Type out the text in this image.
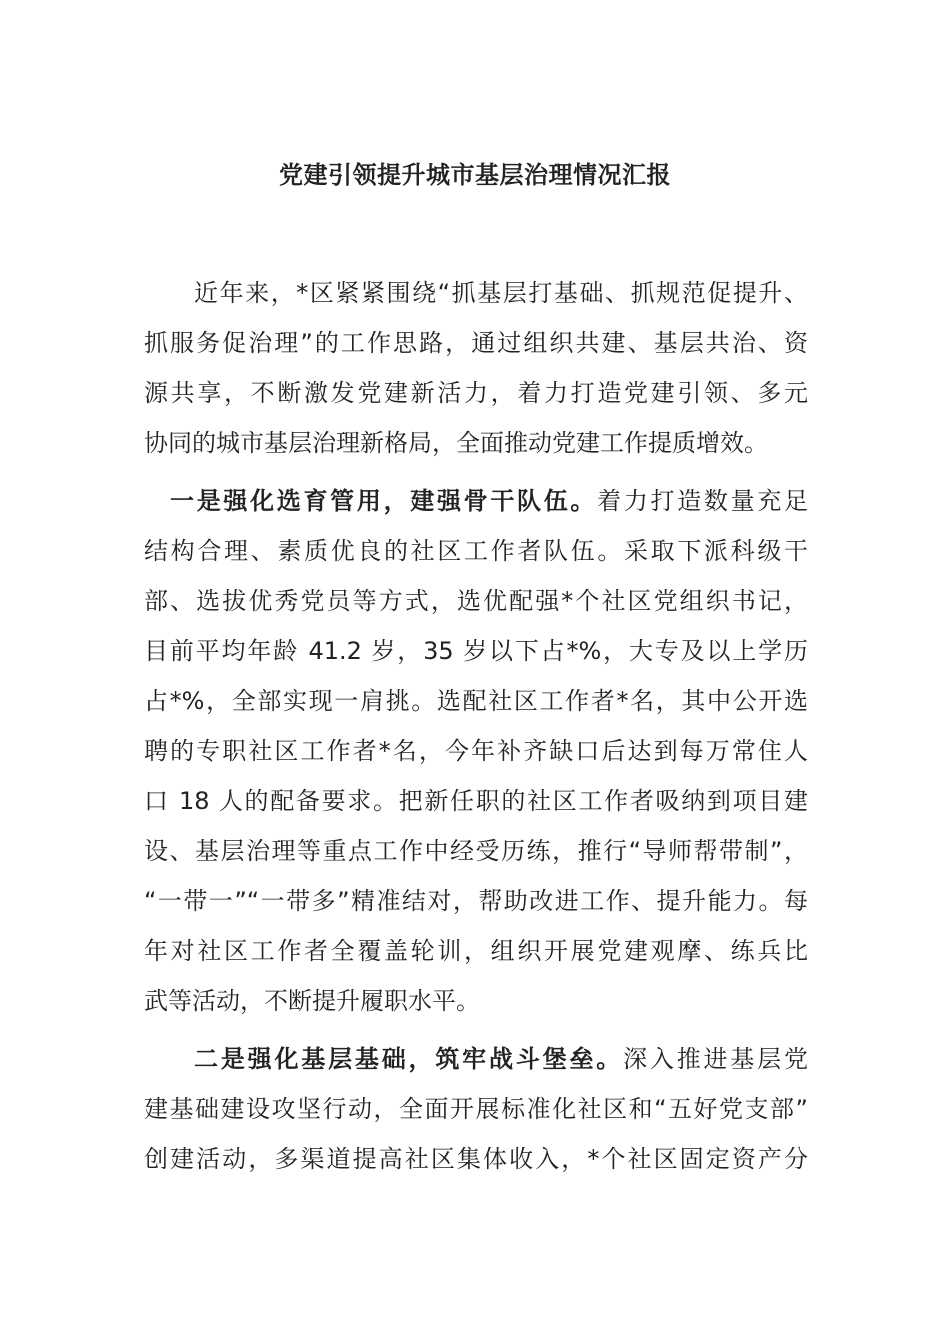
党建引领提升城市基层治理情况汇报

近年来，*区紧紧围绕“抓基层打基础、抓规范促提升、

抓服务促治理”的工作思路，通过组织共建、基层共治、资

源共享，不断激发党建新活力，着力打造党建引领、多元

协同的城市基层治理新格局，全面推动党建工作提质增效。

一是强化选育管用，建强骨干队伍。着力打造数量充足

结构合理、素质优良的社区工作者队伍。采取下派科级干

部、选拔优秀党员等方式，选优配强*个社区党组织书记，

目前平均年龄 41.2 岁，35 岁以下占*%，大专及以上学历

占*%，全部实现一肩挑。选配社区工作者*名，其中公开选

聘的专职社区工作者*名，今年补齐缺口后达到每万常住人

口 18 人的配备要求。把新任职的社区工作者吸纳到项目建

设、基层治理等重点工作中经受历练，推行“导师帮带制”，

“一带一”“一带多”精准结对，帮助改进工作、提升能力。每

年对社区工作者全覆盖轮训，组织开展党建观摩、练兵比

武等活动，不断提升履职水平。

二是强化基层基础，筑牢战斗堡垒。深入推进基层党

建基础建设攻坚行动，全面开展标准化社区和“五好党支部”

创建活动，多渠道提高社区集体收入，*个社区固定资产分
